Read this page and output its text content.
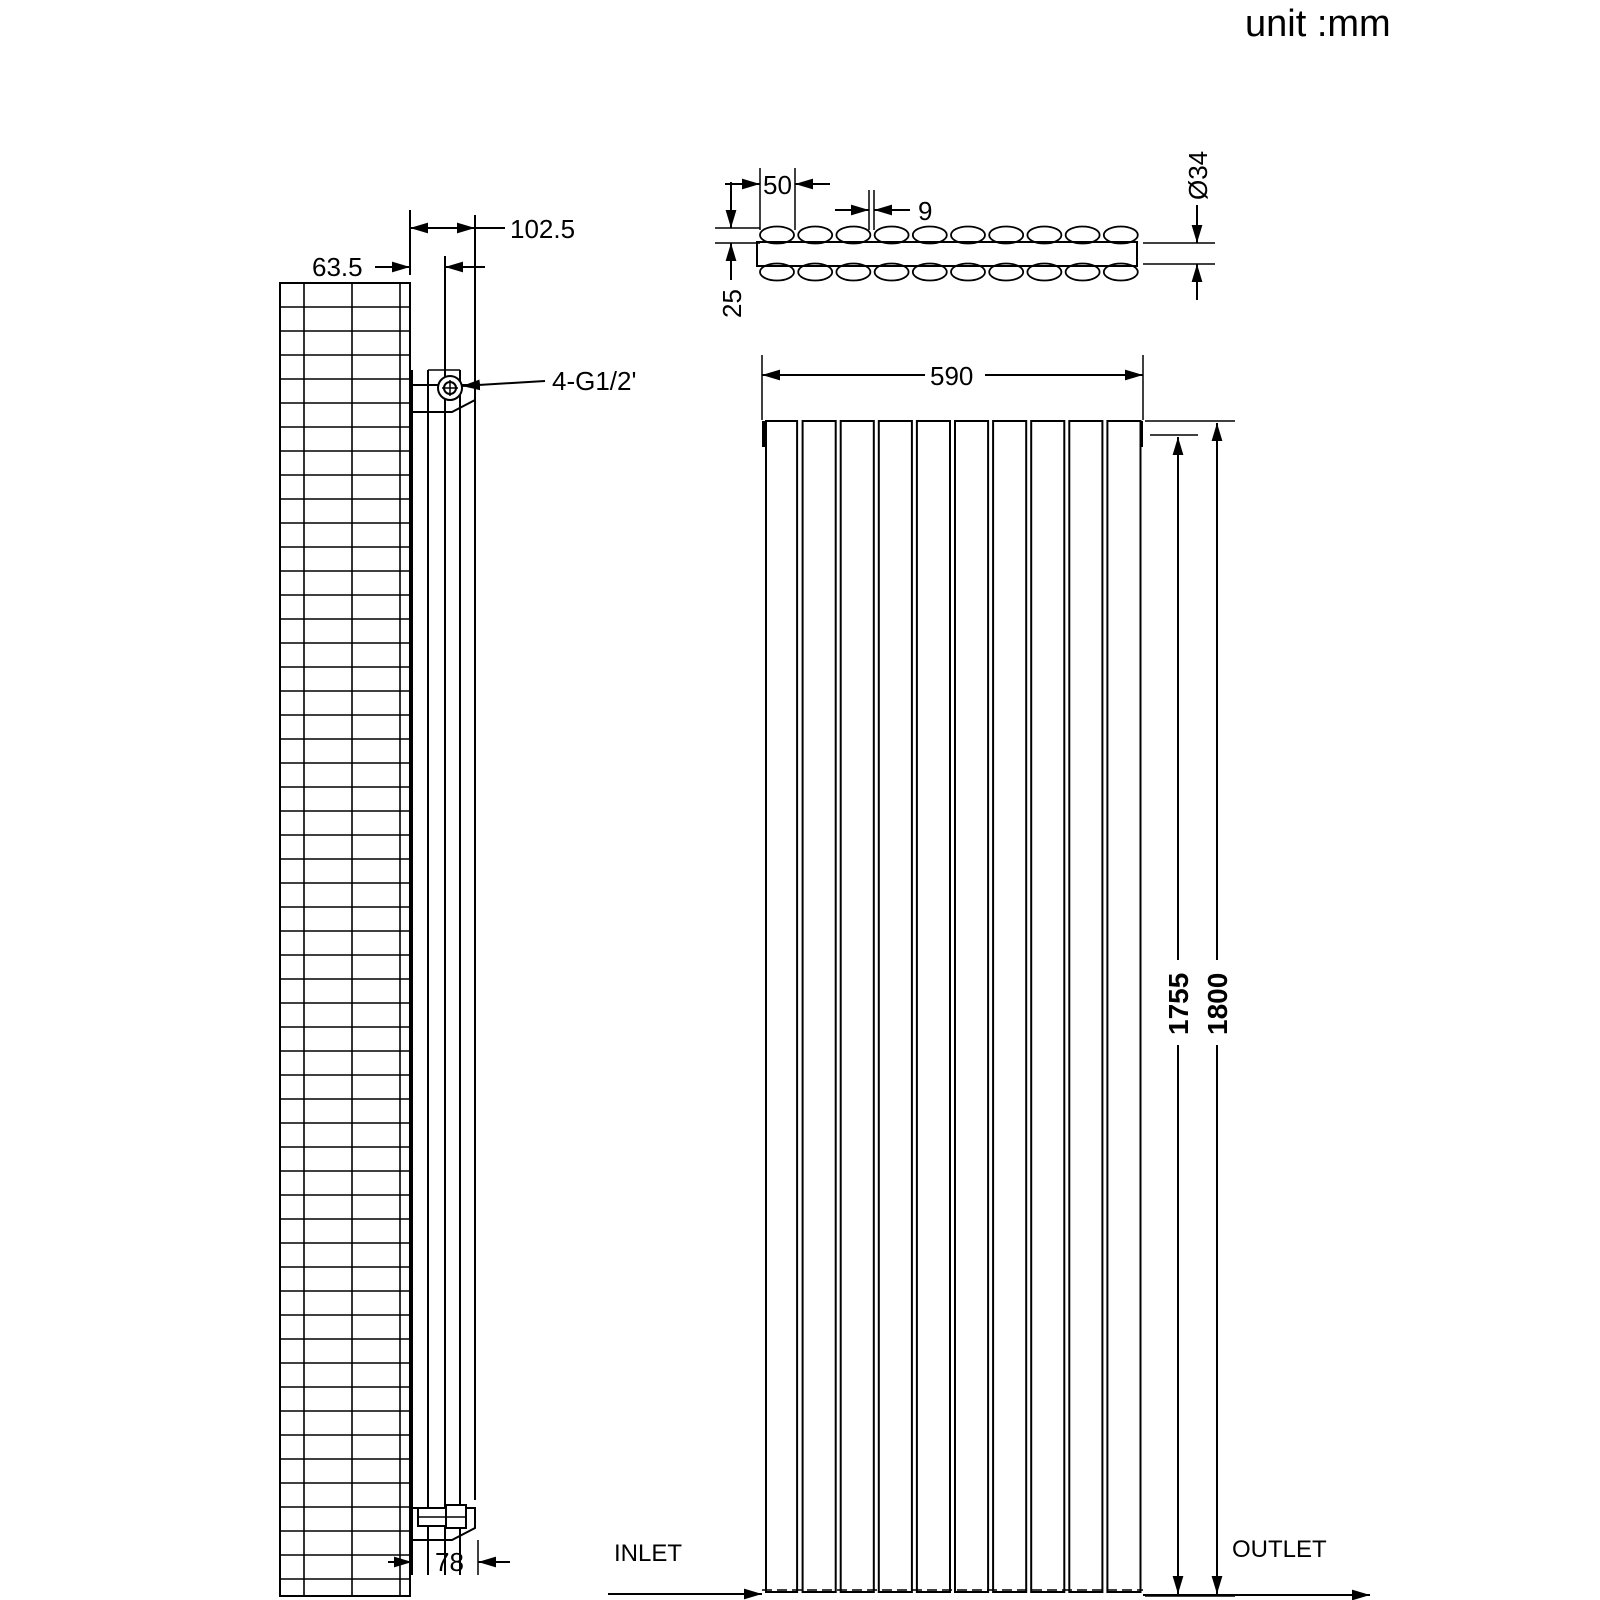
unit :mm
102.5
63.5
4-G1/2'
78
50
9
25
Ø34
590
1755 1800
INLET	OUTLET
